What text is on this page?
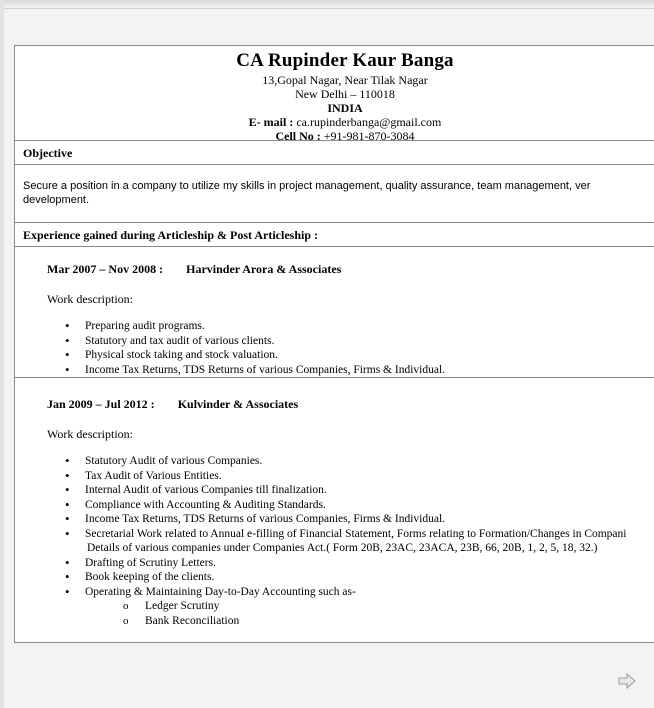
CA Rupinder Kaur Banga
13,Gopal Nagar, Near Tilak Nagar
New Delhi – 110018
INDIA
E- mail : ca.rupinderbanga@gmail.com
Cell No : +91-981-870-3084
Objective
Secure a position in a company to utilize my skills in project management, quality assurance, team management, ver
development.
Experience gained during Articleship & Post Articleship :
Mar 2007 – Nov 2008 : Harvinder Arora & Associates
Work description:
• Preparing audit programs.
• Statutory and tax audit of various clients.
• Physical stock taking and stock valuation.
• Income Tax Returns, TDS Returns of various Companies, Firms & Individual.
Jan 2009 – Jul 2012 : Kulvinder & Associates
Work description:
• Statutory Audit of various Companies.
• Tax Audit of Various Entities.
• Internal Audit of various Companies till finalization.
• Compliance with Accounting & Auditing Standards.
• Income Tax Returns, TDS Returns of various Companies, Firms & Individual.
• Secretarial Work related to Annual e-filling of Financial Statement, Forms relating to Formation/Changes in Compani
Details of various companies under Companies Act.( Form 20B, 23AC, 23ACA, 23B, 66, 20B, 1, 2, 5, 18, 32.)
• Drafting of Scrutiny Letters.
• Book keeping of the clients.
• Operating & Maintaining Day-to-Day Accounting such as-
o Ledger Scrutiny
o Bank Reconciliation
